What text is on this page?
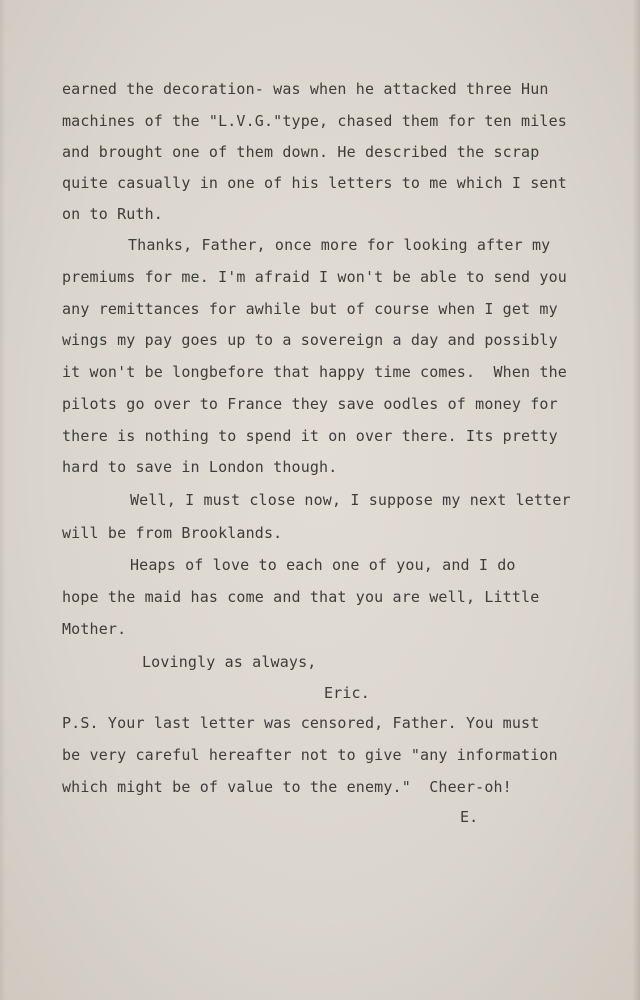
earned the decoration- was when he attacked three Hun
machines of the "L.V.G."type, chased them for ten miles
and brought one of them down. He described the scrap
quite casually in one of his letters to me which I sent
on to Ruth.
Thanks, Father, once more for looking after my
premiums for me. I'm afraid I won't be able to send you
any remittances for awhile but of course when I get my
wings my pay goes up to a sovereign a day and possibly
it won't be longbefore that happy time comes.  When the
pilots go over to France they save oodles of money for
there is nothing to spend it on over there. Its pretty
hard to save in London though.
Well, I must close now, I suppose my next letter
will be from Brooklands.
Heaps of love to each one of you, and I do
hope the maid has come and that you are well, Little
Mother.
Lovingly as always,
Eric.
P.S. Your last letter was censored, Father. You must
be very careful hereafter not to give "any information
which might be of value to the enemy."  Cheer-oh!
E.
